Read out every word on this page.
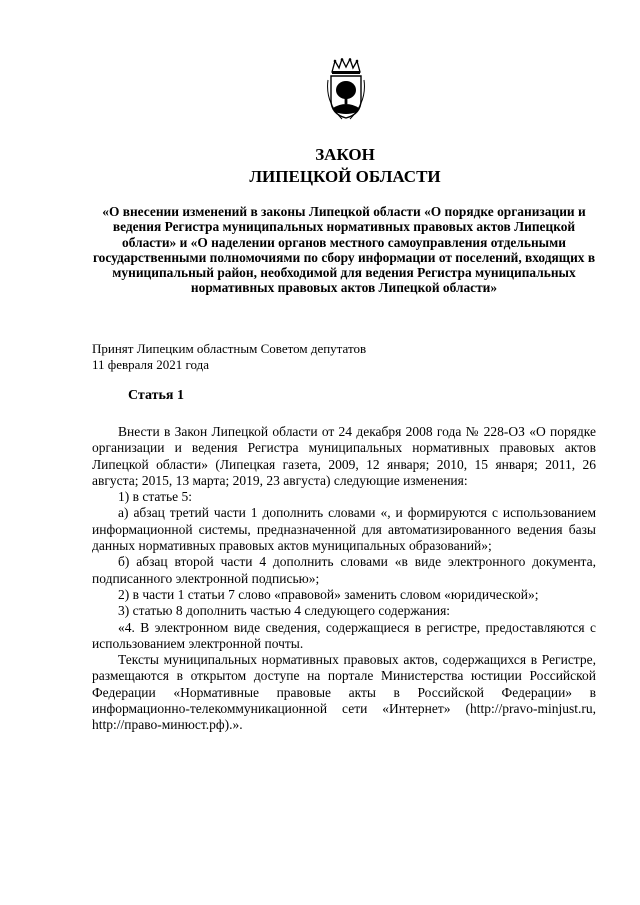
ЗАКОН
ЛИПЕЦКОЙ ОБЛАСТИ

«О внесении изменений в законы Липецкой области «О порядке организации и ведения Регистра муниципальных нормативных правовых актов Липецкой области» и «О наделении органов местного самоуправления отдельными государственными полномочиями по сбору информации от поселений, входящих в муниципальный район, необходимой для ведения Регистра муниципальных нормативных правовых актов Липецкой области»

Принят Липецким областным Советом депутатов
11 февраля 2021 года
Статья 1

Внести в Закон Липецкой области от 24 декабря 2008 года № 228-ОЗ «О порядке организации и ведения Регистра муниципальных нормативных правовых актов Липецкой области» (Липецкая газета, 2009, 12 января; 2010, 15 января; 2011, 26 августа; 2015, 13 марта; 2019, 23 августа) следующие изменения:

1) в статье 5:

а) абзац третий части 1 дополнить словами «, и формируются с использованием информационной системы, предназначенной для автоматизированного ведения базы данных нормативных правовых актов муниципальных образований»;

б) абзац второй части 4 дополнить словами «в виде электронного документа, подписанного электронной подписью»;

2) в части 1 статьи 7 слово «правовой» заменить словом «юридической»;

3) статью 8 дополнить частью 4 следующего содержания:

«4. В электронном виде сведения, содержащиеся в регистре, предоставляются с использованием электронной почты.

Тексты муниципальных нормативных правовых актов, содержащихся в Регистре, размещаются в открытом доступе на портале Министерства юстиции Российской Федерации «Нормативные правовые акты в Российской Федерации» в информационно-телекоммуникационной сети «Интернет» (http://pravo-minjust.ru, http://право-минюст.рф).».
